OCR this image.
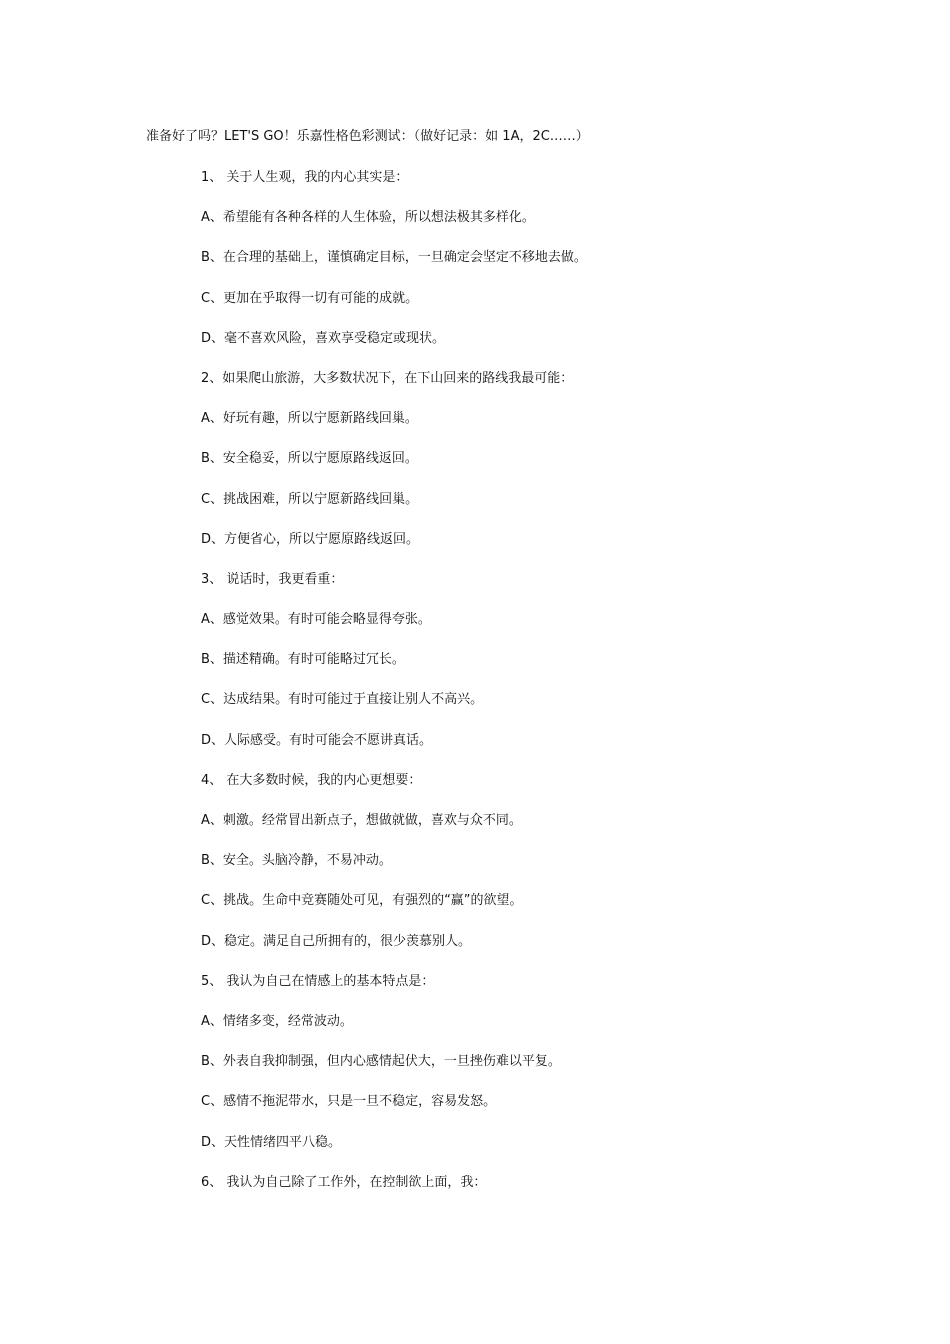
准备好了吗？LET'S GO！乐嘉性格色彩测试：（做好记录：如 1A，2C……）
1、 关于人生观，我的内心其实是：
A、希望能有各种各样的人生体验，所以想法极其多样化。
B、在合理的基础上，谨慎确定目标，一旦确定会坚定不移地去做。
C、更加在乎取得一切有可能的成就。
D、毫不喜欢风险，喜欢享受稳定或现状。
2、如果爬山旅游，大多数状况下，在下山回来的路线我最可能：
A、好玩有趣，所以宁愿新路线回巢。
B、安全稳妥，所以宁愿原路线返回。
C、挑战困难，所以宁愿新路线回巢。
D、方便省心，所以宁愿原路线返回。
3、 说话时，我更看重：
A、感觉效果。有时可能会略显得夸张。
B、描述精确。有时可能略过冗长。
C、达成结果。有时可能过于直接让别人不高兴。
D、人际感受。有时可能会不愿讲真话。
4、 在大多数时候，我的内心更想要：
A、刺激。经常冒出新点子，想做就做，喜欢与众不同。
B、安全。头脑冷静，不易冲动。
C、挑战。生命中竞赛随处可见，有强烈的“赢”的欲望。
D、稳定。满足自己所拥有的，很少羡慕别人。
5、 我认为自己在情感上的基本特点是：
A、情绪多变，经常波动。
B、外表自我抑制强，但内心感情起伏大，一旦挫伤难以平复。
C、感情不拖泥带水，只是一旦不稳定，容易发怒。
D、天性情绪四平八稳。
6、 我认为自己除了工作外，在控制欲上面，我：
